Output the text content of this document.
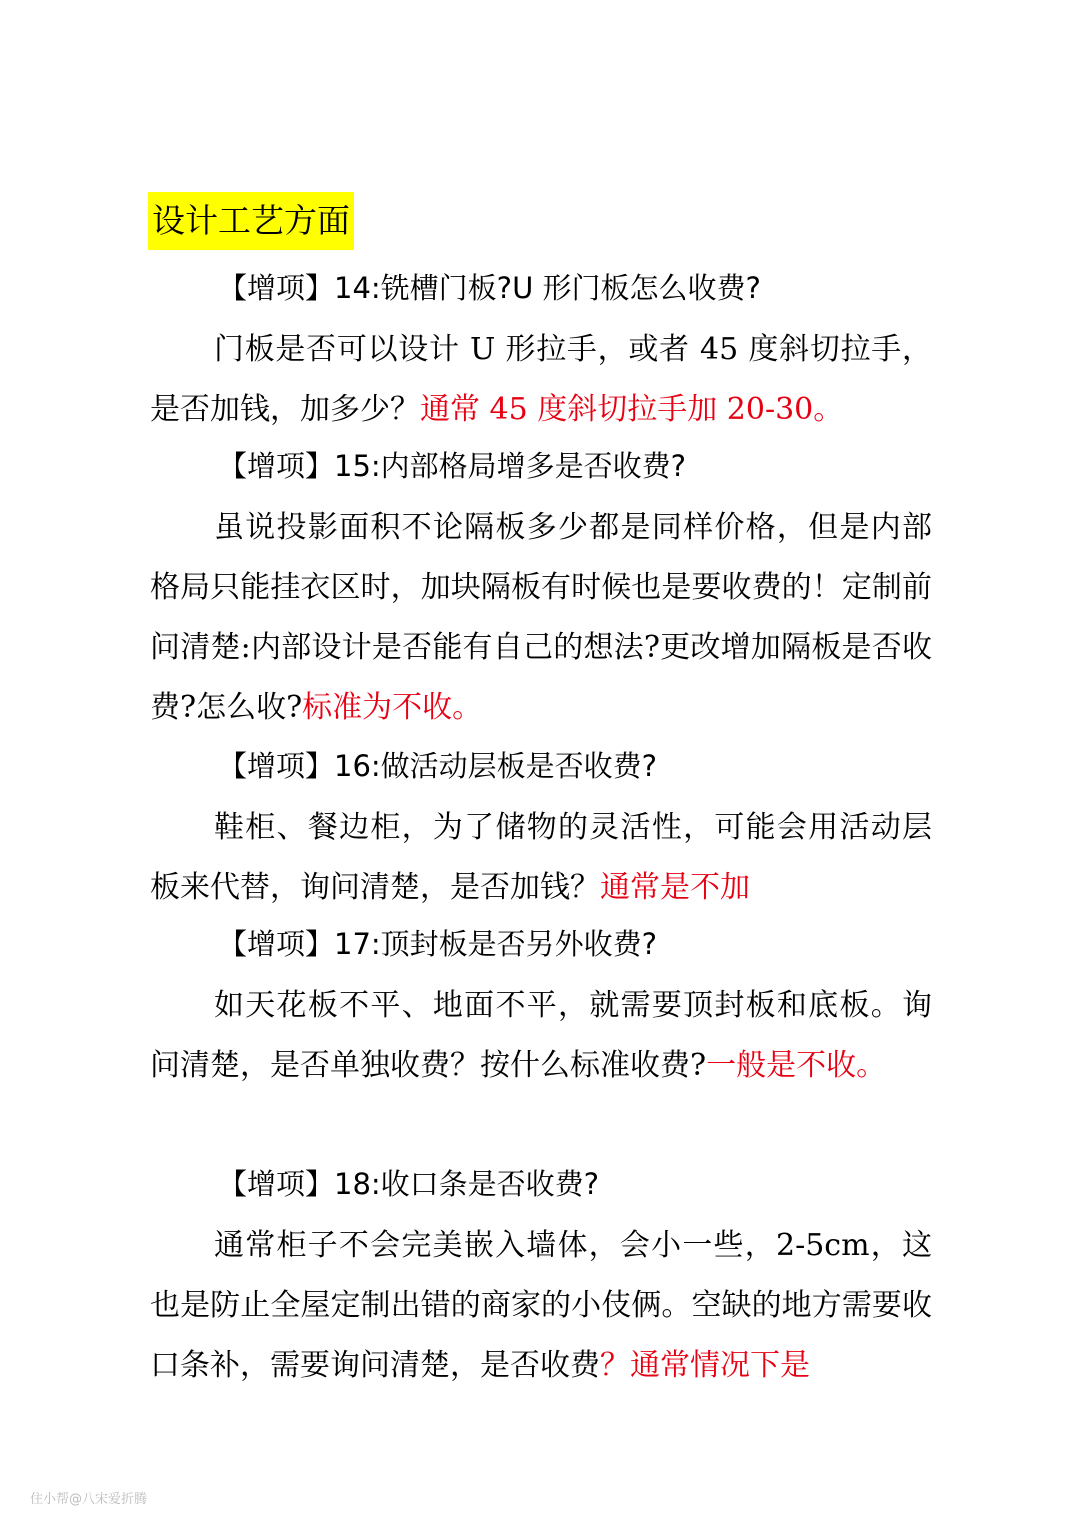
设计工艺方面
【增项】14:铣槽门板?U 形门板怎么收费?

门板是否可以设计 U 形拉手，或者 45 度斜切拉手，是否加钱，加多少？通常 45 度斜切拉手加 20-30。

【增项】15:内部格局增多是否收费?

虽说投影面积不论隔板多少都是同样价格，但是内部格局只能挂衣区时，加块隔板有时候也是要收费的！定制前问清楚:内部设计是否能有自己的想法?更改增加隔板是否收费?怎么收?标准为不收。

【增项】16:做活动层板是否收费?

鞋柜、餐边柜，为了储物的灵活性，可能会用活动层板来代替，询问清楚，是否加钱？通常是不加

【增项】17:顶封板是否另外收费?

如天花板不平、地面不平，就需要顶封板和底板。询问清楚，是否单独收费？按什么标准收费?一般是不收。

【增项】18:收口条是否收费?

通常柜子不会完美嵌入墙体，会小一些，2-5cm，这也是防止全屋定制出错的商家的小伎俩。空缺的地方需要收口条补，需要询问清楚，是否收费？通常情况下是

住小帮@八宋爱折腾
